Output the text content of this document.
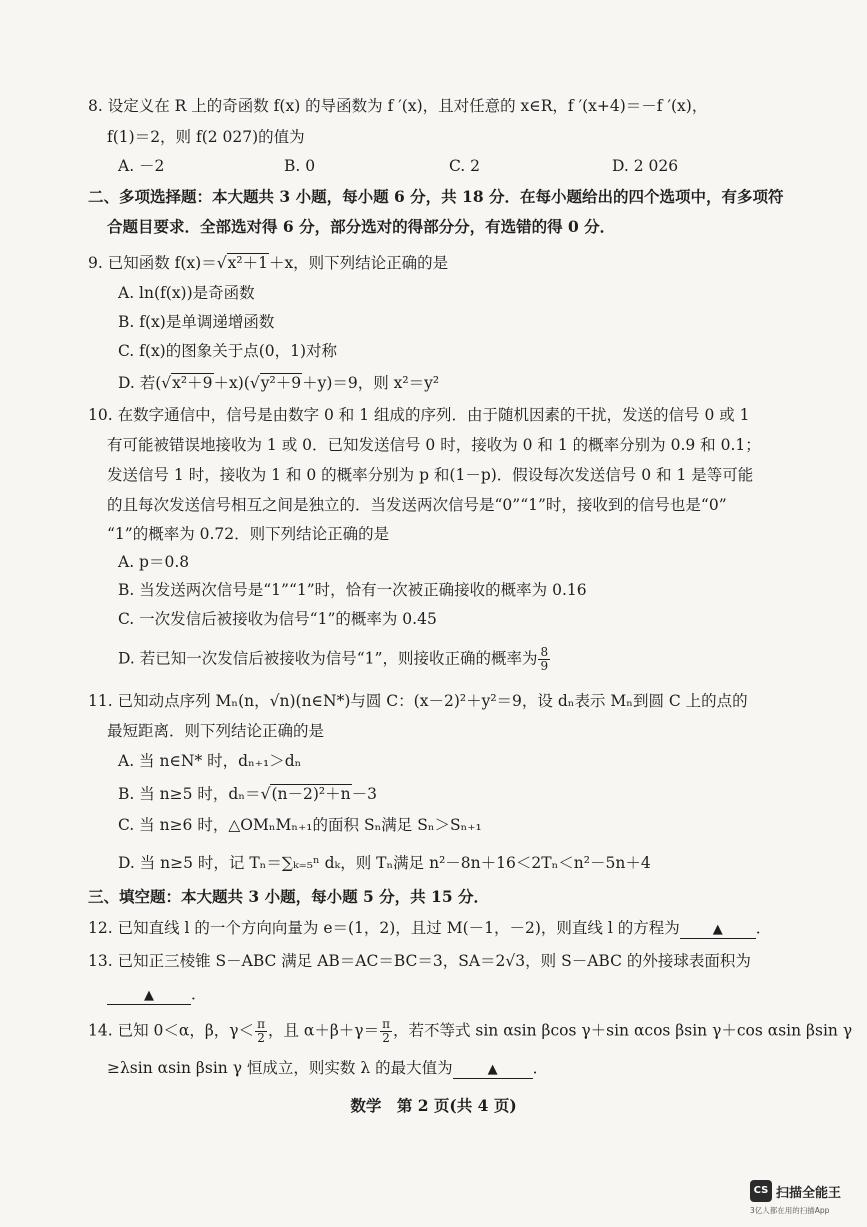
8. 设定义在 R 上的奇函数 f(x) 的导函数为 f ′(x)，且对任意的 x∈R，f ′(x+4)＝－f ′(x)，
f(1)＝2，则 f(2 027)的值为
A. －2	B. 0	C. 2	D. 2 026
二、多项选择题：本大题共 3 小题，每小题 6 分，共 18 分．在每小题给出的四个选项中，有多项符
合题目要求．全部选对得 6 分，部分选对的得部分分，有选错的得 0 分．
9. 已知函数 f(x)＝√x²＋1＋x，则下列结论正确的是
A. ln(f(x))是奇函数
B. f(x)是单调递增函数
C. f(x)的图象关于点(0，1)对称
D. 若(√x²＋9＋x)(√y²＋9＋y)＝9，则 x²＝y²
10. 在数字通信中，信号是由数字 0 和 1 组成的序列．由于随机因素的干扰，发送的信号 0 或 1
有可能被错误地接收为 1 或 0．已知发送信号 0 时，接收为 0 和 1 的概率分别为 0.9 和 0.1；
发送信号 1 时，接收为 1 和 0 的概率分别为 p 和(1－p)．假设每次发送信号 0 和 1 是等可能
的且每次发送信号相互之间是独立的．当发送两次信号是“0”“1”时，接收到的信号也是“0”
“1”的概率为 0.72．则下列结论正确的是
A. p＝0.8
B. 当发送两次信号是“1”“1”时，恰有一次被正确接收的概率为 0.16
C. 一次发信后被接收为信号“1”的概率为 0.45
D. 若已知一次发信后被接收为信号“1”，则接收正确的概率为 $\frac{8}{9}$
11. 已知动点序列 Mₙ(n，√n)(n∈N*)与圆 C：(x－2)²＋y²＝9，设 dₙ表示 Mₙ到圆 C 上的点的
最短距离．则下列结论正确的是
A. 当 n∈N* 时，dₙ₊₁＞dₙ
B. 当 n≥5 时，dₙ＝√(n－2)²＋n－3
C. 当 n≥6 时，△OMₙMₙ₊₁的面积 Sₙ满足 Sₙ＞Sₙ₊₁
D. 当 n≥5 时，记 Tₙ＝∑ₖ₌₅ⁿ dₖ，则 Tₙ满足 n²－8n＋16＜2Tₙ＜n²－5n＋4
三、填空题：本大题共 3 小题，每小题 5 分，共 15 分．
12. 已知直线 l 的一个方向向量为 e＝(1，2)，且过 M(－1，－2)，则直线 l 的方程为	▲ ．
13. 已知正三棱锥 S－ABC 满足 AB＝AC＝BC＝3，SA＝2√3，则 S－ABC 的外接球表面积为
▲ ．
14. 已知 0＜α，β，$\gamma< \frac{\pi}{2}$ ，且 $\alpha+\beta+\gamma= \frac{\pi}{2}$ ，若不等式 sin αsin βcos γ＋sin αcos βsin γ＋cos αsin βsin γ
≥λsin αsin βsin γ 恒成立，则实数 λ 的最大值为	▲ ．
数学　第 2 页(共 4 页)
CS 扫描全能王
3亿人都在用的扫描App
